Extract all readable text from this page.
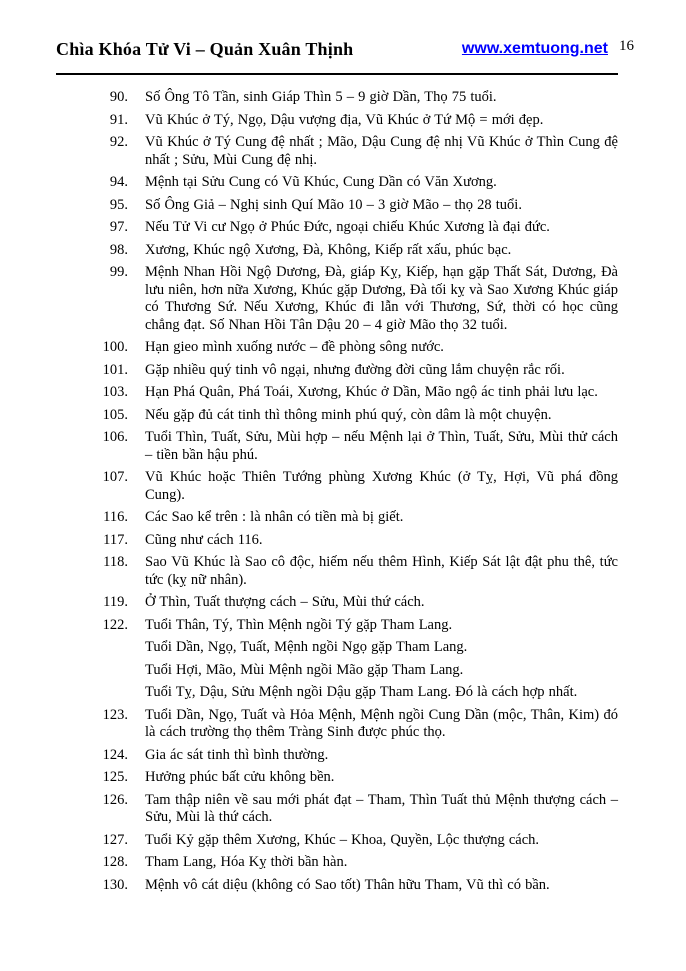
Chìa Khóa Tử Vi – Quản Xuân Thịnh	www.xemtuong.net 16
90. Số Ông Tô Tần, sinh Giáp Thìn 5 – 9 giờ Dần, Thọ 75 tuổi.
91. Vũ Khúc ở Tý, Ngọ, Dậu vượng địa, Vũ Khúc ở Tứ Mộ = mới đẹp.
92. Vũ Khúc ở Tý Cung đệ nhất ; Mão, Dậu Cung đệ nhị Vũ Khúc ở Thìn Cung đệ nhất ; Sửu, Mùi Cung đệ nhị.
94. Mệnh tại Sửu Cung có Vũ Khúc, Cung Dần có Văn Xương.
95. Số Ông Giả – Nghị sinh Quí Mão 10 – 3 giờ Mão – thọ 28 tuổi.
97. Nếu Tử Vi cư Ngọ ở Phúc Đức, ngoại chiếu Khúc Xương là đại đức.
98. Xương, Khúc ngộ Xương, Đà, Không, Kiếp rất xấu, phúc bạc.
99. Mệnh Nhan Hồi Ngộ Dương, Đà, giáp Kỵ, Kiếp, hạn gặp Thất Sát, Dương, Đà lưu niên, hơn nữa Xương, Khúc gặp Dương, Đà tối kỵ và Sao Xương Khúc giáp có Thương Sứ. Nếu Xương, Khúc đi lẫn với Thương, Sứ, thời có học cũng chẳng đạt. Số Nhan Hồi Tân Dậu 20 – 4 giờ Mão thọ 32 tuổi.
100. Hạn gieo mình xuống nước – đề phòng sông nước.
101. Gặp nhiều quý tinh vô ngại, nhưng đường đời cũng lắm chuyện rắc rối.
103. Hạn Phá Quân, Phá Toái, Xương, Khúc ở Dần, Mão ngộ ác tinh phải lưu lạc.
105. Nếu gặp đủ cát tinh thì thông minh phú quý, còn dâm là một chuyện.
106. Tuổi Thìn, Tuất, Sửu, Mùi hợp – nếu Mệnh lại ở Thìn, Tuất, Sửu, Mùi thử cách – tiền bần hậu phú.
107. Vũ Khúc hoặc Thiên Tướng phùng Xương Khúc (ở Tỵ, Hợi, Vũ phá đồng Cung).
116. Các Sao kể trên : là nhân có tiền mà bị giết.
117. Cũng như cách 116.
118. Sao Vũ Khúc là Sao cô độc, hiếm nếu thêm Hình, Kiếp Sát lật đật phu thê, tức tức (kỵ nữ nhân).
119. Ở Thìn, Tuất thượng cách – Sửu, Mùi thứ cách.
122. Tuổi Thân, Tý, Thìn Mệnh ngồi Tý gặp Tham Lang.
Tuổi Dần, Ngọ, Tuất, Mệnh ngồi Ngọ gặp Tham Lang.
Tuổi Hợi, Mão, Mùi Mệnh ngồi Mão gặp Tham Lang.
Tuổi Tỵ, Dậu, Sửu Mệnh ngồi Dậu gặp Tham Lang. Đó là cách hợp nhất.
123. Tuổi Dần, Ngọ, Tuất và Hỏa Mệnh, Mệnh ngồi Cung Dần (mộc, Thân, Kim) đó là cách trường thọ thêm Tràng Sinh được phúc thọ.
124. Gia ác sát tinh thì bình thường.
125. Hưởng phúc bất cửu không bền.
126. Tam thập niên về sau mới phát đạt – Tham, Thìn Tuất thủ Mệnh thượng cách – Sửu, Mùi là thứ cách.
127. Tuổi Kỷ gặp thêm Xương, Khúc – Khoa, Quyền, Lộc thượng cách.
128. Tham Lang, Hóa Kỵ thời bần hàn.
130. Mệnh vô cát diệu (không có Sao tốt) Thân hữu Tham, Vũ thì có bần.
